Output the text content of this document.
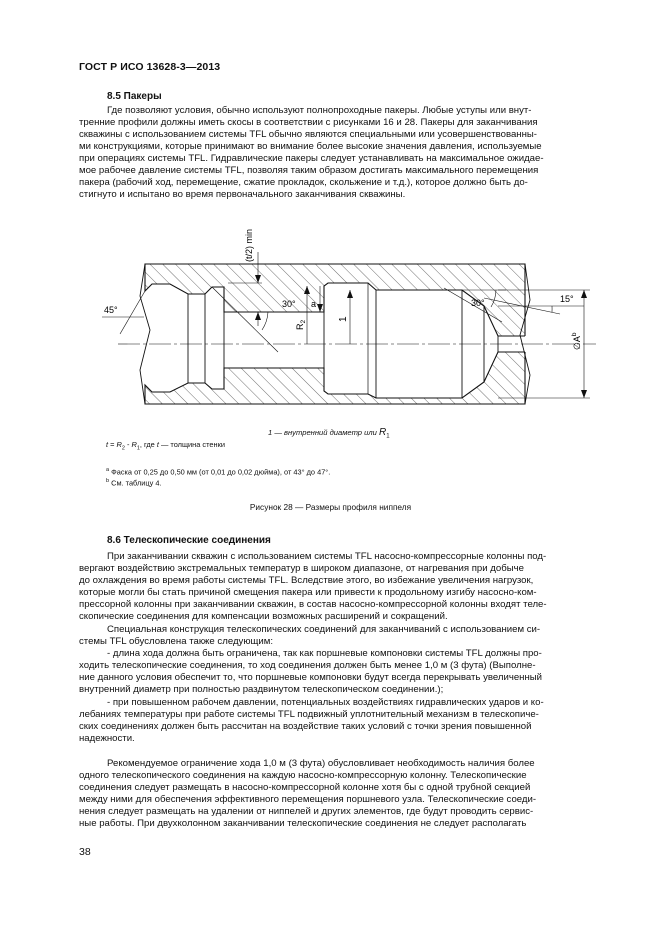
ГОСТ Р ИСО 13628-3—2013
8.5 Пакеры
Где позволяют условия, обычно используют полнопроходные пакеры. Любые уступы или внут-
тренние профили должны иметь скосы в соответствии с рисунками 16 и 28. Пакеры для заканчивания
скважины с использованием системы TFL обычно являются специальными или усовершенствованны-
ми конструкциями, которые принимают во внимание более высокие значения давления, используемые
при операциях системы TFL. Гидравлические пакеры следует устанавливать на максимальное ожидае-
мое рабочее давление системы TFL, позволяя таким образом достигать максимального перемещения
пакера (рабочий ход, перемещение, сжатие прокладок, скольжение и т.д.), которое должно быть до-
стигнуто и испытано во время первоначального заканчивания скважины.
(t/2) min
45°
30° a
$R_2$	1
30°	15°
$\emptyset A^b$
1 — внутренний диаметр или $R_1$
$t = R_2 - R_1$, где t — толщина стенки
$^a$ Фаска от 0,25 до 0,50 мм (от 0,01 до 0,02 дюйма), от 43° до 47°.
$^b$ См. таблицу 4.
Рисунок 28 — Размеры профиля ниппеля
8.6 Телескопические соединения
При заканчивании скважин с использованием системы TFL насосно-компрессорные колонны под-
вергают воздействию экстремальных температур в широком диапазоне, от нагревания при добыче
до охлаждения во время работы системы TFL. Вследствие этого, во избежание увеличения нагрузок,
которые могли бы стать причиной смещения пакера или привести к продольному изгибу насосно-ком-
прессорной колонны при заканчивании скважин, в состав насосно-компрессорной колонны входят теле-
скопические соединения для компенсации возможных расширений и сокращений.
Специальная конструкция телескопических соединений для заканчиваний с использованием си-
стемы TFL обусловлена также следующим:
- длина хода должна быть ограничена, так как поршневые компоновки системы TFL должны про-
ходить телескопические соединения, то ход соединения должен быть менее 1,0 м (3 фута) (Выполне-
ние данного условия обеспечит то, что поршневые компоновки будут всегда перекрывать увеличенный
внутренний диаметр при полностью раздвинутом телескопическом соединении.);
- при повышенном рабочем давлении, потенциальных воздействиях гидравлических ударов и ко-
лебаниях температуры при работе системы TFL подвижный уплотнительный механизм в телескопиче-
ских соединениях должен быть рассчитан на воздействие таких условий с точки зрения повышенной
надежности.
Рекомендуемое ограничение хода 1,0 м (3 фута) обусловливает необходимость наличия более
одного телескопического соединения на каждую насосно-компрессорную колонну. Телескопические
соединения следует размещать в насосно-компрессорной колонне хотя бы с одной трубной секцией
между ними для обеспечения эффективного перемещения поршневого узла. Телескопические соеди-
нения следует размещать на удалении от ниппелей и других элементов, где будут проводить сервис-
ные работы. При двухколонном заканчивании телескопические соединения не следует располагать
38
